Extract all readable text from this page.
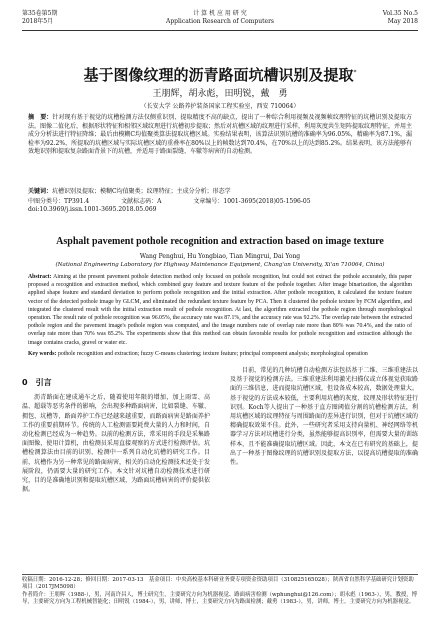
第35卷第5期
2018年5月
计 算 机 应 用 研 究
Application Research of Computers
Vol.35 No.5
May 2018
基于图像纹理的沥青路面坑槽识别及提取*
王朋辉，胡永彪，田明锐，戴　勇
（长安大学 公路养护装备国家工程实验室，西安 710064）
摘　要：针对现有基于视觉的坑槽检测方法仅侧重识别、提取精度不高的缺点，提出了一种综合利用视频及视频帧纹理特征的坑槽识别及提取方法。图像二值化后，根据形状特征和相邻区域纹理进行坑槽初步提取；然后对坑槽区域的纹理进行采样，利用灰度共生矩阵提取纹理特征，并用主成分分析法进行特征降维；最后由模糊C均值聚类算法提取坑槽区域。实验结果表明，该算法识别坑槽的准确率为96.05%，精确率为87.1%，漏检率为92.2%，所提取的坑槽区域与实际坑槽区域的重叠率在80%以上的帧数达到70.4%，在70%以上的达到85.2%。结果表明，该方法能够有效地识别和提取复杂路面背景下的坑槽，并适用于路面裂缝、车辙等病害的自动检测。
关键词：坑槽识别及提取；模糊C均值聚类；纹理特征；主成分分析；形态学
中图分类号：TP391.4	文献标志码：A	文章编号：1001-3695(2018)05-1596-05
doi:10.3969/j.issn.1001-3695.2018.05.069
Asphalt pavement pothole recognition and extraction based on image texture
Wang Penghui, Hu Yongbiao, Tian Mingrui, Dai Yong
(National Engineering Laboratory for Highway Maintenance Equipment, Chang'an University, Xi'an 710064, China)
Abstract: Aiming at the present pavement pothole detection method only focused on pothole recognition, but could not extract the pothole accurately, this paper proposed a recognition and extraction method, which combined gray feature and texture feature of the pothole together. After image binarization, the algorithm applied shape feature and standard deviation to perform pothole recognition and the initial extraction. After pothole recognition, it calculated the texture feature vector of the detected pothole image by GLCM, and eliminated the redundant texture feature by PCA. Then it clustered the pothole texture by FCM algorithm, and integrated the clustered result with the initial extraction result of pothole recognition. At last, the algorithm extracted the pothole region through morphological operation. The result rate of pothole recognition was 96.05%, the accuracy rate was 87.1%, and the accuracy rate was 92.2%. The overlap rate between the extracted pothole region and the pavement image's pothole region was computed, and the image numbers rate of overlap rate more than 80% was 70.4%, and the ratio of overlap rate more than 70% was 85.2%. The experiments show that this method can obtain favorable results for pothole recognition and extraction although the image contains cracks, gravel or water etc.
Key words: pothole recognition and extraction; fuzzy C-means clustering; texture feature; principal component analysis; morphological operation
0　引言
沥青路面在建成通车之后，随着使用年限的增加，加上雨雪、高温、超载等恶劣条件的影响，会出现多种路面病害，比如裂缝、车辙、拥包、坑槽等，路面养护工作已经越来越重要，而路面病害是路面养护工作的重要前期环节。传统的人工检测需要耗费大量的人力和时间，自动化检测已经成为一种趋势。以前的检测方法，常采用的手段是采集路面图像，使用计算机，由检测员采用直接观察的方式进行检测评估。坑槽检测算法由目前的识别、检测中一系列自动化坑槽的研究工作。目前，坑槽作为另一种常见的路面病害，相关的自动化检测技术还处于发展阶段，仍需要大量的研究工作。本文针对坑槽自动检测技术进行研究，目的是准确地识别和提取坑槽区域，为路面坑槽病害的评价提供依据。
目前，常见的几种坑槽自动检测方法包括基于二维、三维重建法以及基于视觉的检测方法。三维重建法利用激光扫描仪或立体视觉获取路面的三维信息，进而提取坑槽区域，但设备成本较高，数据处理量大。基于视觉的方法成本较低，主要利用坑槽的灰度、纹理及形状特征进行识别。Koch等人提出了一种基于直方图阈值分割的坑槽检测方法，利用坑槽区域的纹理特征与周围路面的差异进行识别，但对于坑槽区域的精确提取效果不佳。此外，一些研究者采用支持向量机、神经网络等机器学习方法对坑槽进行分类，虽然能够提高识别率，但需要大量的训练样本，且不能准确提取坑槽区域。因此，本文在已有研究的基础上，提出了一种基于图像纹理的坑槽识别及提取方法，以提高坑槽提取的准确性。
收稿日期：2016-12-28；修回日期：2017-03-13　基金项目：中央高校基本科研业务费专项资金资助项目（310825165028）；陕西省自然科学基础研究计划资助项目（2017JM5098）
作者简介：王朋辉（1988-），男，河南许昌人，博士研究生，主要研究方向为机器视觉、路面病害检测（wphunghui@126.com）；胡永彪（1963-），男，教授，博导，主要研究方向为工程机械智能化；田明锐（1984-），男，讲师，博士，主要研究方向为路面检测；戴勇（1983-），男，讲师，博士，主要研究方向为机器视觉。
